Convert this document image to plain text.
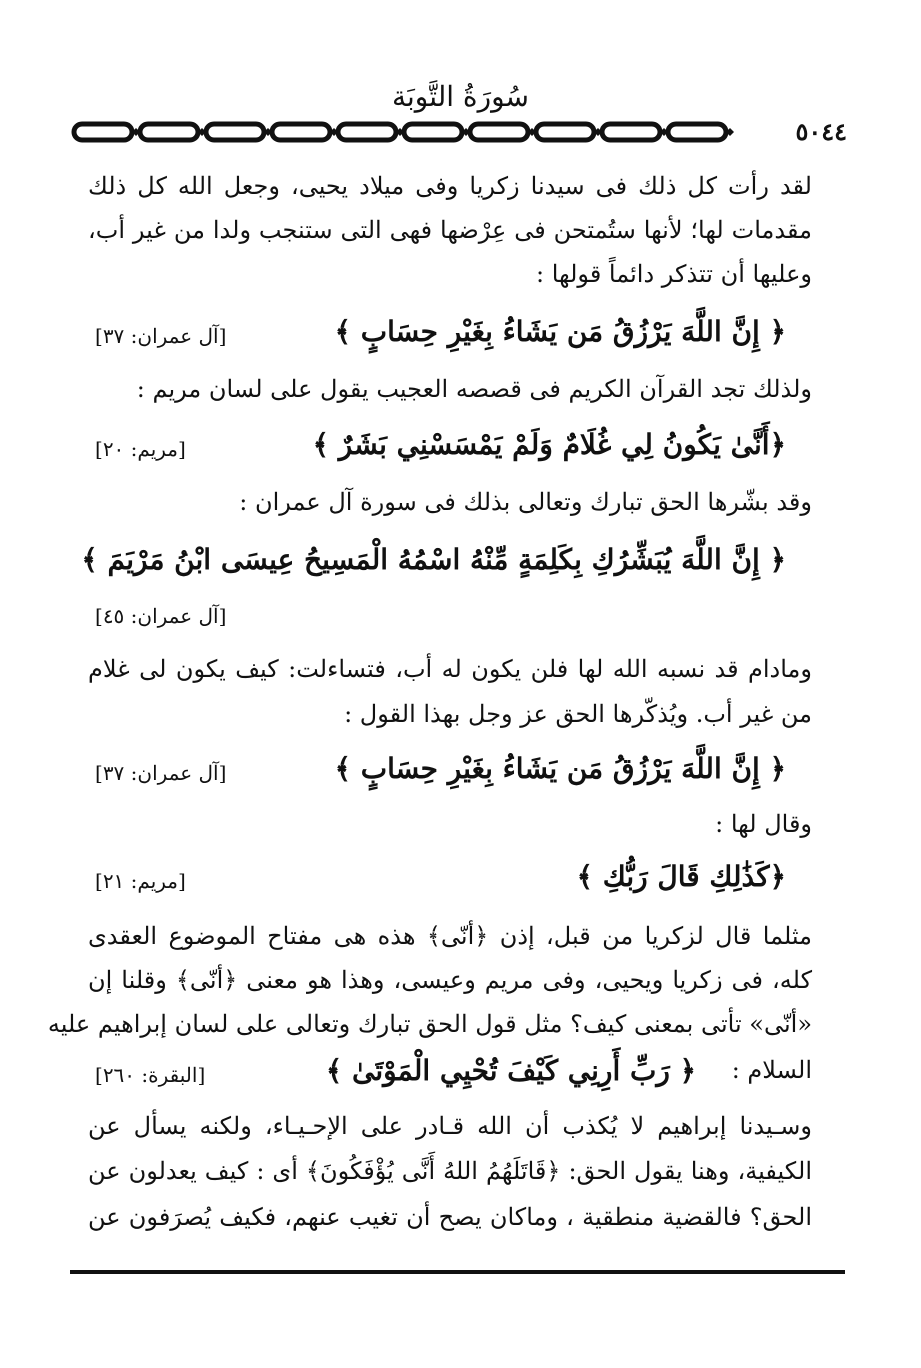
سُورَةُ التَّوبَة
٥٠٤٤
لقد رأت كل ذلك فى سيدنا زكريا وفى ميلاد يحيى، وجعل الله كل ذلك
مقدمات لها؛ لأنها ستُمتحن فى عِرْضها فهى التى ستنجب ولدا من غير أب،
وعليها أن تتذكر دائماً قولها :
﴿ إِنَّ اللَّهَ يَرْزُقُ مَن يَشَاءُ بِغَيْرِ حِسَابٍ ﴾
[آل عمران: ٣٧]
ولذلك تجد القرآن الكريم فى قصصه العجيب يقول على لسان مريم :
﴿أَنَّىٰ يَكُونُ لِي غُلَامٌ وَلَمْ يَمْسَسْنِي بَشَرٌ ﴾
[مريم: ٢٠]
وقد بشّرها الحق تبارك وتعالى بذلك فى سورة آل عمران :
﴿ إِنَّ اللَّهَ يُبَشِّرُكِ بِكَلِمَةٍ مِّنْهُ اسْمُهُ الْمَسِيحُ عِيسَى ابْنُ مَرْيَمَ ﴾
[آل عمران: ٤٥]
ومادام قد نسبه الله لها فلن يكون له أب، فتساءلت: كيف يكون لى غلام
من غير أب. ويُذكّرها الحق عز وجل بهذا القول :
﴿ إِنَّ اللَّهَ يَرْزُقُ مَن يَشَاءُ بِغَيْرِ حِسَابٍ ﴾
[آل عمران: ٣٧]
وقال لها :
﴿كَذَٰلِكِ قَالَ رَبُّكِ ﴾
[مريم: ٢١]
مثلما قال لزكريا من قبل، إذن ﴿أنّى﴾ هذه هى مفتاح الموضوع العقدى
كله، فى زكريا ويحيى، وفى مريم وعيسى، وهذا هو معنى ﴿أنّى﴾ وقلنا إن
«أنّى» تأتى بمعنى كيف؟ مثل قول الحق تبارك وتعالى على لسان إبراهيم عليه
السلام :
﴿ رَبِّ أَرِنِي كَيْفَ تُحْيِي الْمَوْتَىٰ ﴾
[البقرة: ٢٦٠]
وسـيدنا إبراهيم لا يُكذب أن الله قـادر على الإحـيـاء، ولكنه يسأل عن
الكيفية، وهنا يقول الحق: ﴿قَاتَلَهُمُ اللهُ أَنَّى يُؤْفَكُونَ﴾ أى : كيف يعدلون عن
الحق؟ فالقضية منطقية ، وماكان يصح أن تغيب عنهم، فكيف يُصرَفون عن
